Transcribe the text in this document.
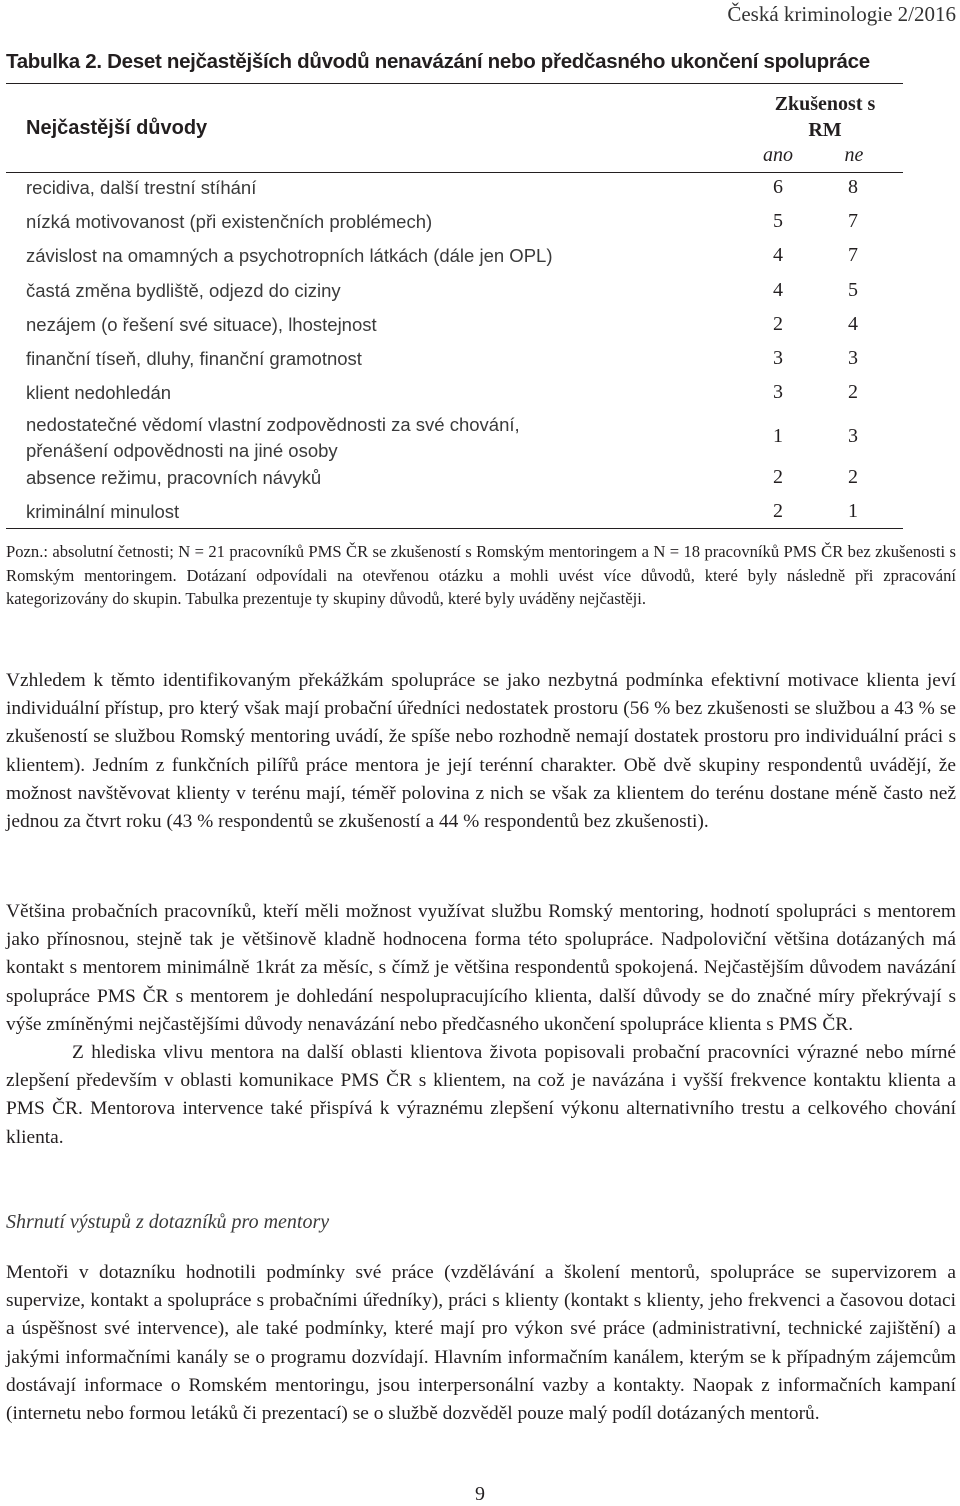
Česká kriminologie 2/2016
Tabulka 2. Deset nejčastějších důvodů nenavázání nebo předčasného ukončení spolupráce
Nejčastější důvody
Zkušenost s
RM
ano	ne
recidiva, další trestní stíhání	6	8
nízká motivovanost (při existenčních problémech)	5	7
závislost na omamných a psychotropních látkách (dále jen OPL)	4	7
častá změna bydliště, odjezd do ciziny	4	5
nezájem (o řešení své situace), lhostejnost	2	4
finanční tíseň, dluhy, finanční gramotnost	3	3
klient nedohledán	3	2
nedostatečné vědomí vlastní zodpovědnosti za své chování,
přenášení odpovědnosti na jiné osoby
1	3
absence režimu, pracovních návyků	2	2
kriminální minulost	2	1
Pozn.: absolutní četnosti; N = 21 pracovníků PMS ČR se zkušeností s Romským mentoringem a N = 18 pracovníků PMS ČR bez zkušenosti s Romským mentoringem. Dotázaní odpovídali na otevřenou otázku a mohli uvést více důvodů, které byly následně při zpracování kategorizovány do skupin. Tabulka prezentuje ty skupiny důvodů, které byly uváděny nejčastěji.

Vzhledem k těmto identifikovaným překážkám spolupráce se jako nezbytná podmínka efektivní motivace klienta jeví individuální přístup, pro který však mají probační úředníci nedostatek prostoru (56 % bez zkušenosti se službou a 43 % se zkušeností se službou Romský mentoring uvádí, že spíše nebo rozhodně nemají dostatek prostoru pro individuální práci s klientem). Jedním z funkčních pilířů práce mentora je její terénní charakter. Obě dvě skupiny respondentů uvádějí, že možnost navštěvovat klienty v terénu mají, téměř polovina z nich se však za klientem do terénu dostane méně často než jednou za čtvrt roku (43 % respondentů se zkušeností a 44 % respondentů bez zkušenosti).

Většina probačních pracovníků, kteří měli možnost využívat službu Romský mentoring, hodnotí spolupráci s mentorem jako přínosnou, stejně tak je většinově kladně hodnocena forma této spolupráce. Nadpoloviční většina dotázaných má kontakt s mentorem minimálně 1krát za měsíc, s čímž je většina respondentů spokojená. Nejčastějším důvodem navázání spolupráce PMS ČR s mentorem je dohledání nespolupracujícího klienta, další důvody se do značné míry překrývají s výše zmíněnými nejčastějšími důvody nenavázání nebo předčasného ukončení spolupráce klienta s PMS ČR.

Z hlediska vlivu mentora na další oblasti klientova života popisovali probační pracovníci výrazné nebo mírné zlepšení především v oblasti komunikace PMS ČR s klientem, na což je navázána i vyšší frekvence kontaktu klienta a PMS ČR. Mentorova intervence také přispívá k výraznému zlepšení výkonu alternativního trestu a celkového chování klienta.

Shrnutí výstupů z dotazníků pro mentory

Mentoři v dotazníku hodnotili podmínky své práce (vzdělávání a školení mentorů, spolupráce se supervizorem a supervize, kontakt a spolupráce s probačními úředníky), práci s klienty (kontakt s klienty, jeho frekvenci a časovou dotaci a úspěšnost své intervence), ale také podmínky, které mají pro výkon své práce (administrativní, technické zajištění) a jakými informačními kanály se o programu dozvídají. Hlavním informačním kanálem, kterým se k případným zájemcům dostávají informace o Romském mentoringu, jsou interpersonální vazby a kontakty. Naopak z informačních kampaní (internetu nebo formou letáků či prezentací) se o službě dozvěděl pouze malý podíl dotázaných mentorů.

9
